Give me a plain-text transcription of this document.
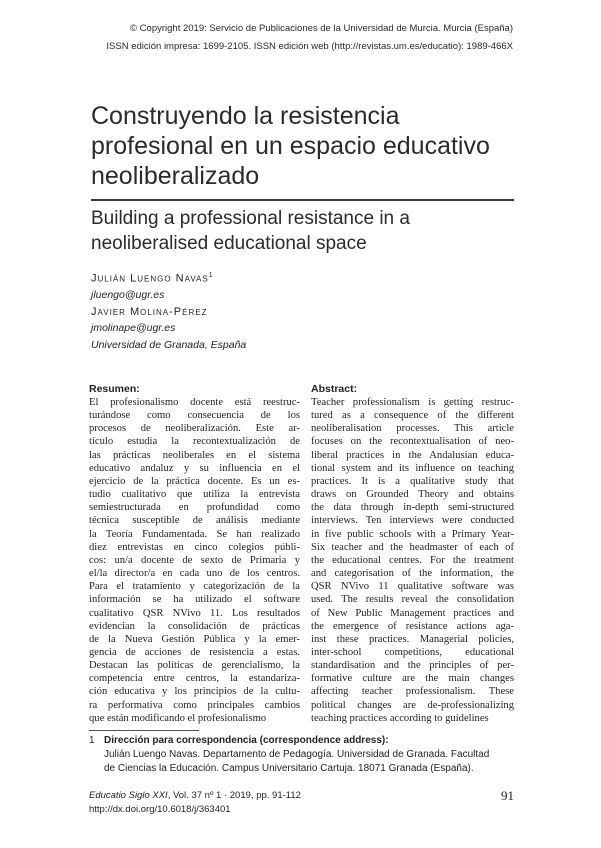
© Copyright 2019: Servicio de Publicaciones de la Universidad de Murcia. Murcia (España)
ISSN edición impresa: 1699-2105. ISSN edición web (http://revistas.um.es/educatio): 1989-466X
Construyendo la resistencia profesional en un espacio educativo neoliberalizado
Building a professional resistance in a neoliberalised educational space
Julián Luengo Navas$^1$
jluengo@ugr.es
Javier Molina-Pérez
jmolinape@ugr.es
Universidad de Granada, España
Resumen:
El profesionalismo docente está reestruc-
turándose como consecuencia de los
procesos de neoliberalización. Este ar-
tículo estudia la recontextualización de
las prácticas neoliberales en el sistema
educativo andaluz y su influencia en el
ejercicio de la práctica docente. Es un es-
tudio cualitativo que utiliza la entrevista
semiestructurada en profundidad como
técnica susceptible de análisis mediante
la Teoría Fundamentada. Se han realizado
diez entrevistas en cinco colegios públi-
cos: un/a docente de sexto de Primaria y
el/la director/a en cada uno de los centros.
Para el tratamiento y categorización de la
información se ha utilizado el software
cualitativo QSR NVivo 11. Los resultados
evidencian la consolidación de prácticas
de la Nueva Gestión Pública y la emer-
gencia de acciones de resistencia a estas.
Destacan las políticas de gerencialismo, la
competencia entre centros, la estandariza-
ción educativa y los principios de la cultu-
ra performativa como principales cambios
que están modificando el profesionalismo
Abstract:
Teacher professionalism is getting restruc-
tured as a consequence of the different
neoliberalisation processes. This article
focuses on the recontextualisation of neo-
liberal practices in the Andalusian educa-
tional system and its influence on teaching
practices. It is a qualitative study that
draws on Grounded Theory and obtains
the data through in-depth semi-structured
interviews. Ten interviews were conducted
in five public schools with a Primary Year-
Six teacher and the headmaster of each of
the educational centres. For the treatment
and categorisation of the information, the
QSR NVivo 11 qualitative software was
used. The results reveal the consolidation
of New Public Management practices and
the emergence of resistance actions aga-
inst these practices. Managerial policies,
inter-school competitions, educational
standardisation and the principles of per-
formative culture are the main changes
affecting teacher professionalism. These
political changes are de-professionalizing
teaching practices according to guidelines
1 Dirección para correspondencia (correspondence address):
Julián Luengo Navas. Departamento de Pedagogía. Universidad de Granada. Facultad
de Ciencias la Educación. Campus Universitario Cartuja. 18071 Granada (España).
Educatio Siglo XXI, Vol. 37 nº 1 · 2019, pp. 91-112
http://dx.doi.org/10.6018/j/363401
91
